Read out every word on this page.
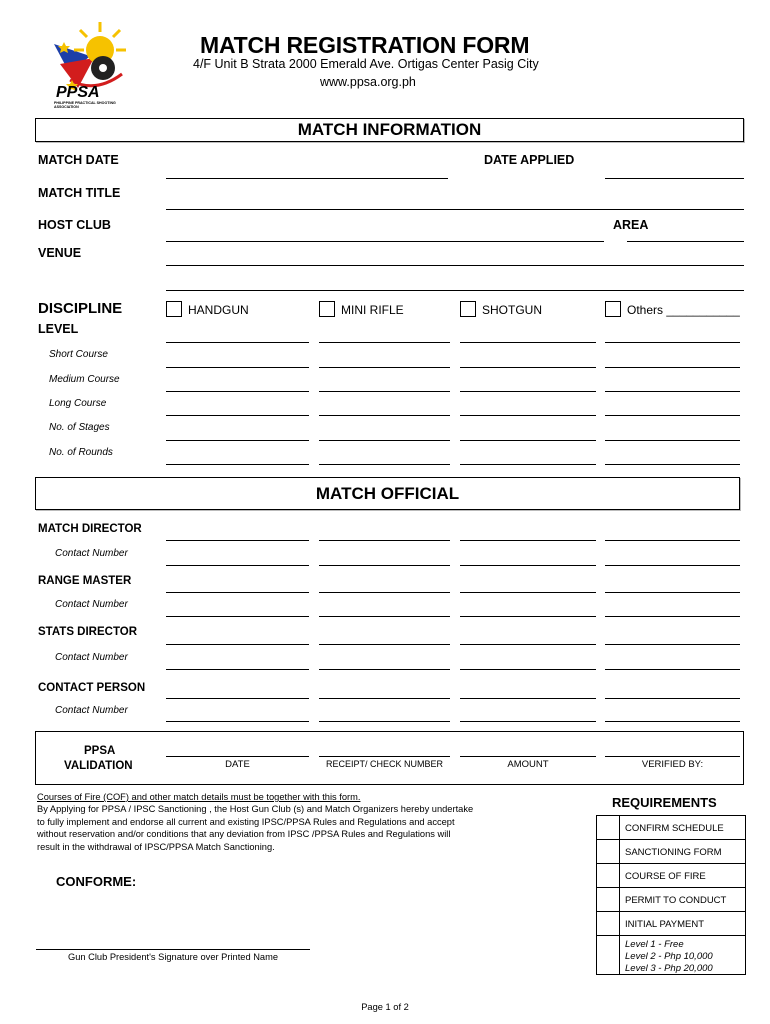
PPSA
PHILIPPINE PRACTICAL SHOOTING ASSOCIATION
MATCH REGISTRATION FORM
4/F Unit B Strata 2000 Emerald Ave. Ortigas Center Pasig City
www.ppsa.org.ph
MATCH INFORMATION
MATCH DATE	DATE APPLIED
MATCH TITLE
HOST CLUB	AREA
VENUE
DISCIPLINE
LEVEL
HANDGUN	MINI RIFLE	SHOTGUN	Others ___________
Short Course
Medium Course
Long Course
No. of Stages
No. of Rounds
MATCH OFFICIAL
MATCH DIRECTOR
Contact Number
RANGE MASTER
Contact Number
STATS DIRECTOR
Contact Number
CONTACT PERSON
Contact Number
PPSA
VALIDATION	DATE	RECEIPT/ CHECK NUMBER	AMOUNT	VERIFIED BY:
Courses of Fire (COF) and other match details must be together with this form.
By Applying for PPSA / IPSC Sanctioning , the Host Gun Club (s) and Match Organizers hereby undertake
to fully implement and endorse all current and existing IPSC/PPSA Rules and Regulations and accept
without reservation and/or conditions that any deviation from IPSC /PPSA Rules and Regulations will
result in the withdrawal of IPSC/PPSA Match Sanctioning.
CONFORME:
Gun Club President's Signature over Printed Name
REQUIREMENTS
CONFIRM SCHEDULE
SANCTIONING FORM
COURSE OF FIRE
PERMIT TO CONDUCT
INITIAL PAYMENT
Level 1 - Free
Level 2 - Php 10,000
Level 3 - Php 20,000
Page 1 of 2
